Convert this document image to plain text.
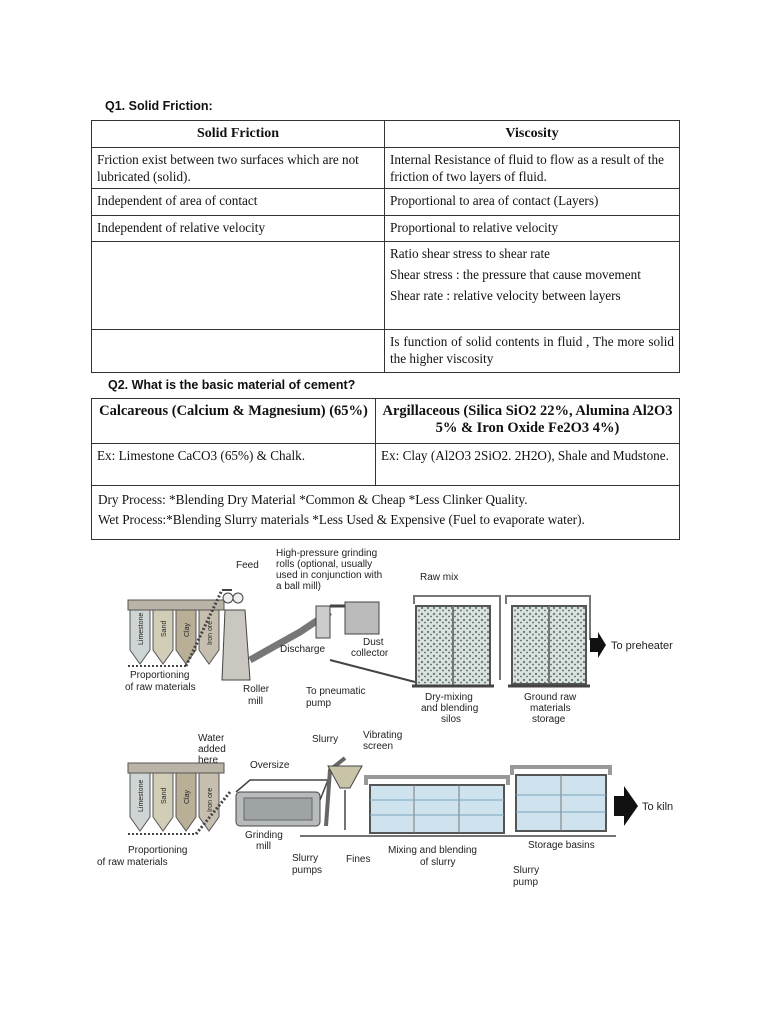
Q1. Solid Friction:
Solid Friction	Viscosity
Friction exist between two surfaces which are not lubricated (solid).	Internal Resistance of fluid to flow as a result of the friction of two layers of fluid.
Independent of area of contact	Proportional to area of contact (Layers)
Independent of relative velocity	Proportional to relative velocity

	Ratio shear stress to shear rate
Shear stress : the pressure that cause movement
Shear rate : relative velocity between layers

	Is function of solid contents in fluid , The more solid the higher viscosity
Q2. What is the basic material of cement?
Calcareous (Calcium & Magnesium) (65%)	Argillaceous (Silica SiO2 22%, Alumina Al2O3 5% & Iron Oxide Fe2O3 4%)
Ex: Limestone CaCO3 (65%) & Chalk.	Ex: Clay (Al2O3 2SiO2. 2H2O), Shale and Mudstone.

Dry Process: *Blending Dry Material *Common & Cheap *Less Clinker Quality.
Wet Process:*Blending Slurry materials *Less Used & Expensive (Fuel to evaporate water).	
Limestone Sand Clay Iron ore
Proportioning
of raw materials
Feed
High-pressure grinding
rolls (optional, usually
used in conjunction with
a ball mill)
Raw mix
Discharge
Dust
collector
Roller
mill
To pneumatic
pump
Dry-mixing
and blending
silos
Ground raw
materials
storage
To preheater
Limestone Sand Clay Iron ore
Proportioning
of raw materials
Water
added
here	Oversize
Slurry Vibrating
screen
Grinding
mill
Slurry
pumps
Fines
Mixing and blending
of slurry
Storage basins
Slurry
pump
To kiln
